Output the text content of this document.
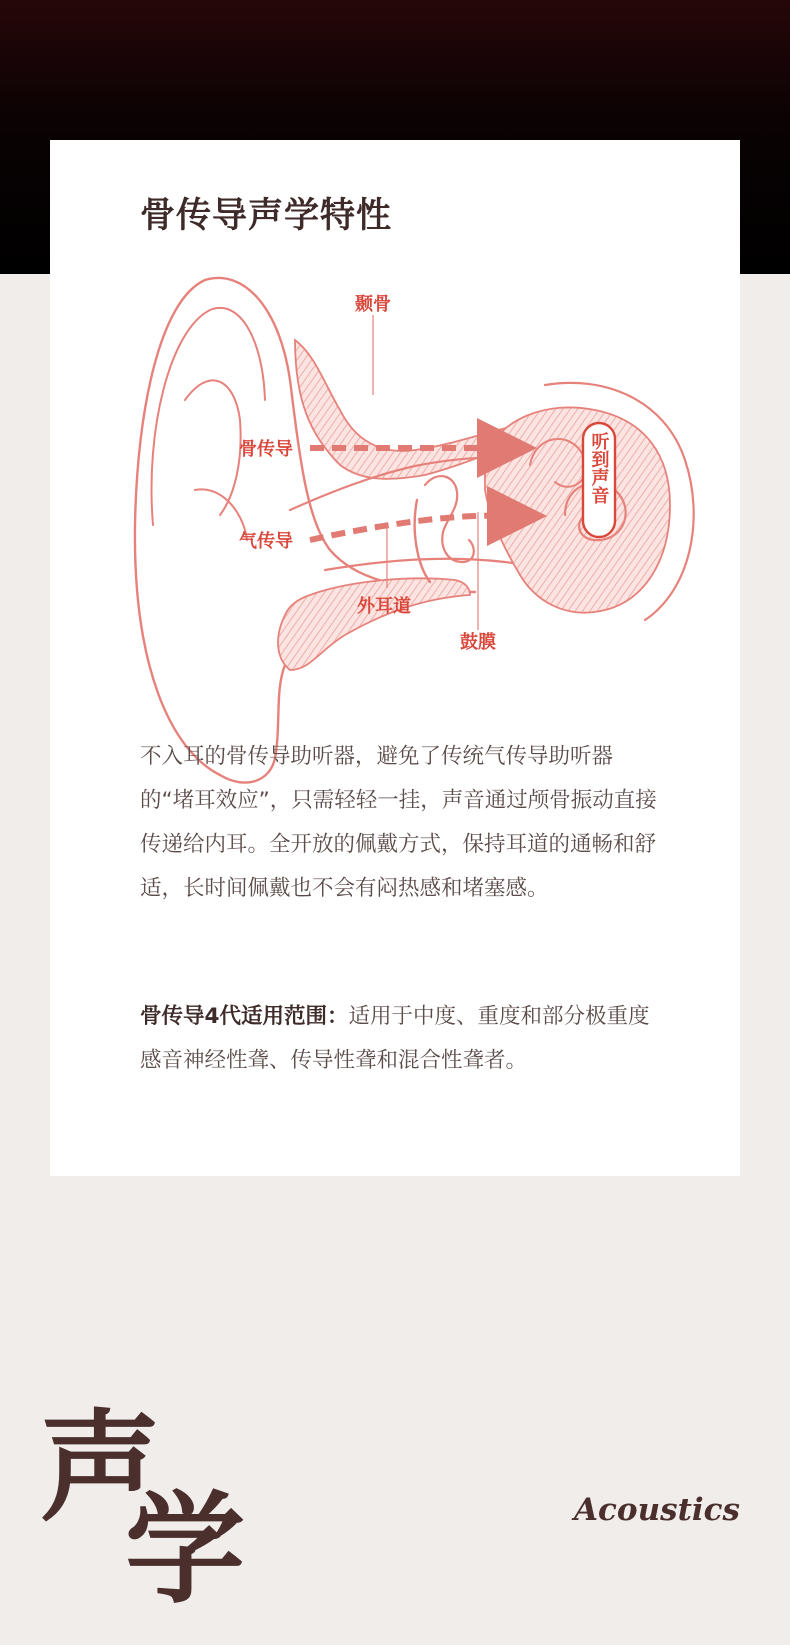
骨传导声学特性
颞骨
骨传导
气传导
外耳道
鼓膜
听到声音

不入耳的骨传导助听器，避免了传统气传导助听器的“堵耳效应”，只需轻轻一挂，声音通过颅骨振动直接传递给内耳。全开放的佩戴方式，保持耳道的通畅和舒适，长时间佩戴也不会有闷热感和堵塞感。

骨传导4代适用范围：适用于中度、重度和部分极重度感音神经性聋、传导性聋和混合性聋者。

声
学	Acoustics
